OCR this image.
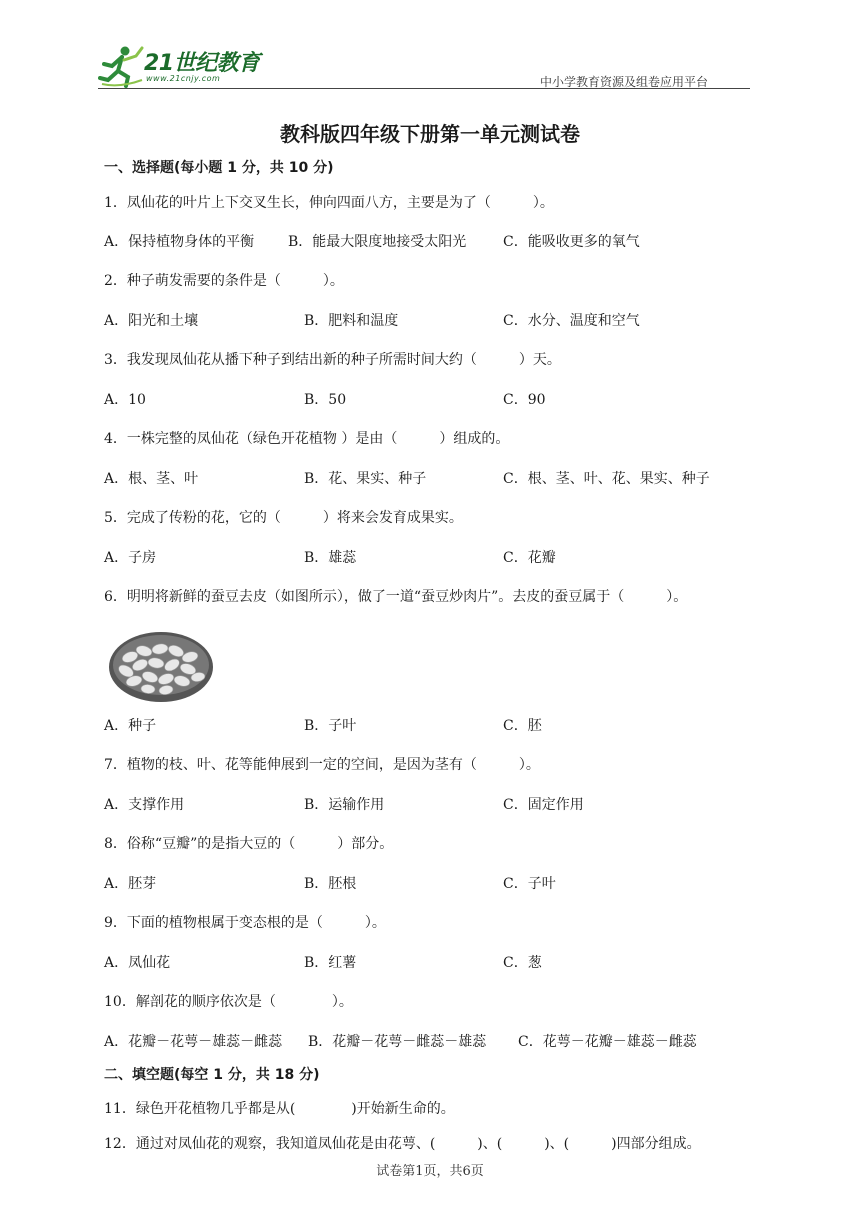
21世纪教育
www.21cnjy.com	中小学教育资源及组卷应用平台
教科版四年级下册第一单元测试卷
一、选择题(每小题 1 分，共 10 分)
1．凤仙花的叶片上下交叉生长，伸向四面八方，主要是为了（　　　）。
A．保持植物身体的平衡 B．能最大限度地接受太阳光	C．能吸收更多的氧气
2．种子萌发需要的条件是（　　　）。
A．阳光和土壤	B．肥料和温度	C．水分、温度和空气
3．我发现凤仙花从播下种子到结出新的种子所需时间大约（　　　）天。
A．10	B．50	C．90
4．一株完整的凤仙花（绿色开花植物 ）是由（　　　）组成的。
A．根、茎、叶	B．花、果实、种子	C．根、茎、叶、花、果实、种子
5．完成了传粉的花，它的（　　　）将来会发育成果实。
A．子房	B．雄蕊	C．花瓣
6．明明将新鲜的蚕豆去皮（如图所示），做了一道“蚕豆炒肉片”。去皮的蚕豆属于（　　　）。
A．种子	B．子叶	C．胚
7．植物的枝、叶、花等能伸展到一定的空间，是因为茎有（　　　）。
A．支撑作用	B．运输作用	C．固定作用
8．俗称“豆瓣”的是指大豆的（　　　）部分。
A．胚芽	B．胚根	C．子叶
9．下面的植物根属于变态根的是（　　　）。
A．凤仙花	B．红薯	C．葱
10．解剖花的顺序依次是（　　　　）。
A．花瓣－花萼－雄蕊－雌蕊 B．花瓣－花萼－雌蕊－雄蕊 C．花萼－花瓣－雄蕊－雌蕊
二、填空题(每空 1 分，共 18 分)
11．绿色开花植物几乎都是从(　　　　)开始新生命的。
12．通过对凤仙花的观察，我知道凤仙花是由花萼、(　　　)、(　　　)、(　　　)四部分组成。
试卷第1页，共6页
